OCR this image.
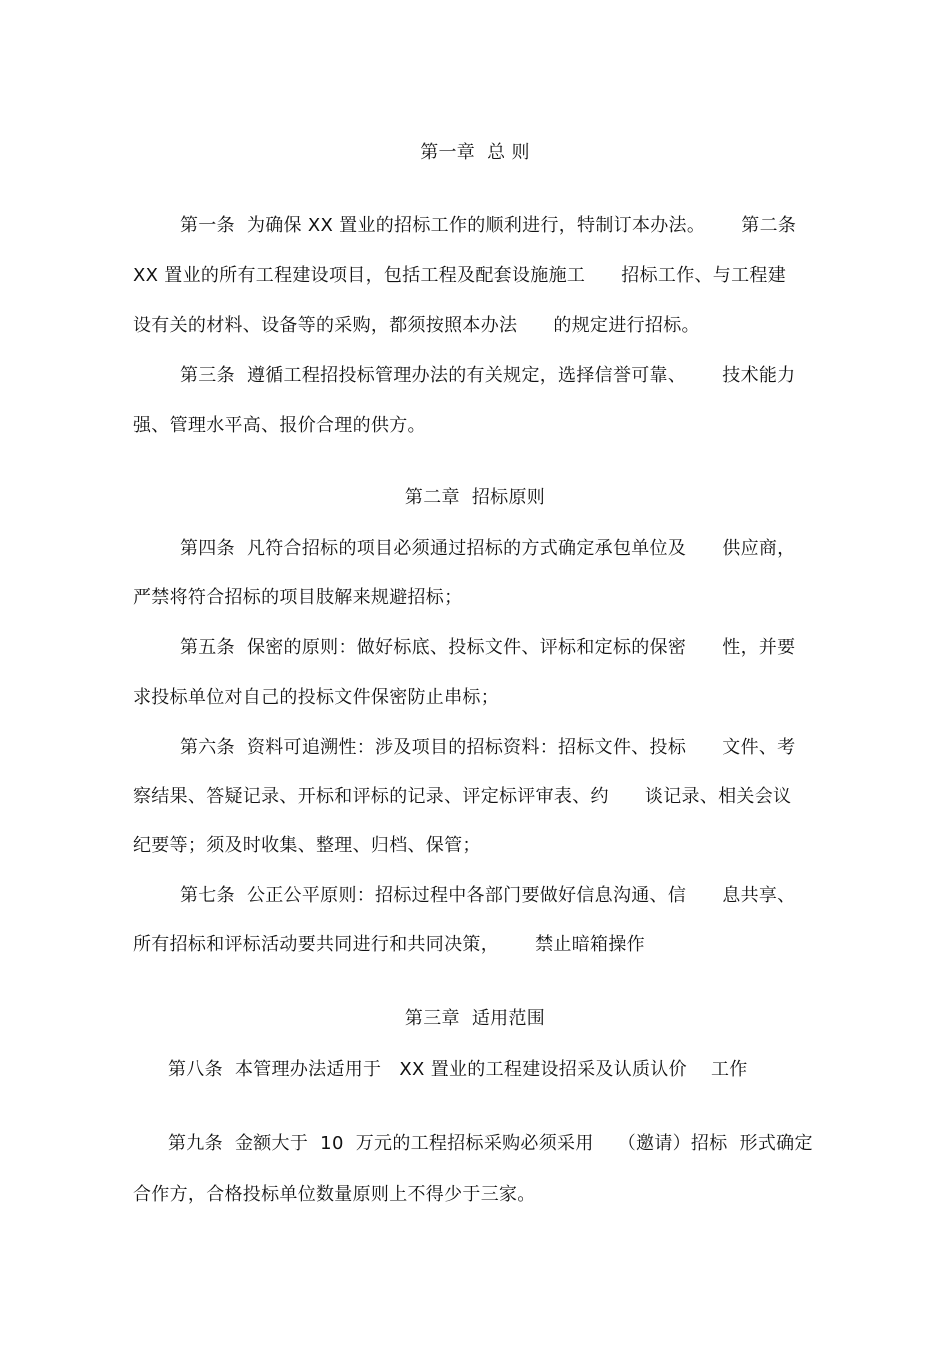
第一章  总 则
第一条  为确保 XX 置业的招标工作的顺利进行，特制订本办法。      第二条
XX 置业的所有工程建设项目，包括工程及配套设施施工      招标工作、与工程建
设有关的材料、设备等的采购，都须按照本办法      的规定进行招标。
第三条  遵循工程招投标管理办法的有关规定，选择信誉可靠、      技术能力
强、管理水平高、报价合理的供方。
第二章  招标原则
第四条  凡符合招标的项目必须通过招标的方式确定承包单位及      供应商，
严禁将符合招标的项目肢解来规避招标；
第五条  保密的原则：做好标底、投标文件、评标和定标的保密      性，并要
求投标单位对自己的投标文件保密防止串标；
第六条  资料可追溯性：涉及项目的招标资料：招标文件、投标      文件、考
察结果、答疑记录、开标和评标的记录、评定标评审表、约      谈记录、相关会议
纪要等；须及时收集、整理、归档、保管；
第七条  公正公平原则：招标过程中各部门要做好信息沟通、信      息共享、
所有招标和评标活动要共同进行和共同决策，      禁止暗箱操作
第三章  适用范围
第八条  本管理办法适用于   XX 置业的工程建设招采及认质认价    工作
第九条  金额大于  10  万元的工程招标采购必须采用    （邀请）招标  形式确定
合作方，合格投标单位数量原则上不得少于三家。
